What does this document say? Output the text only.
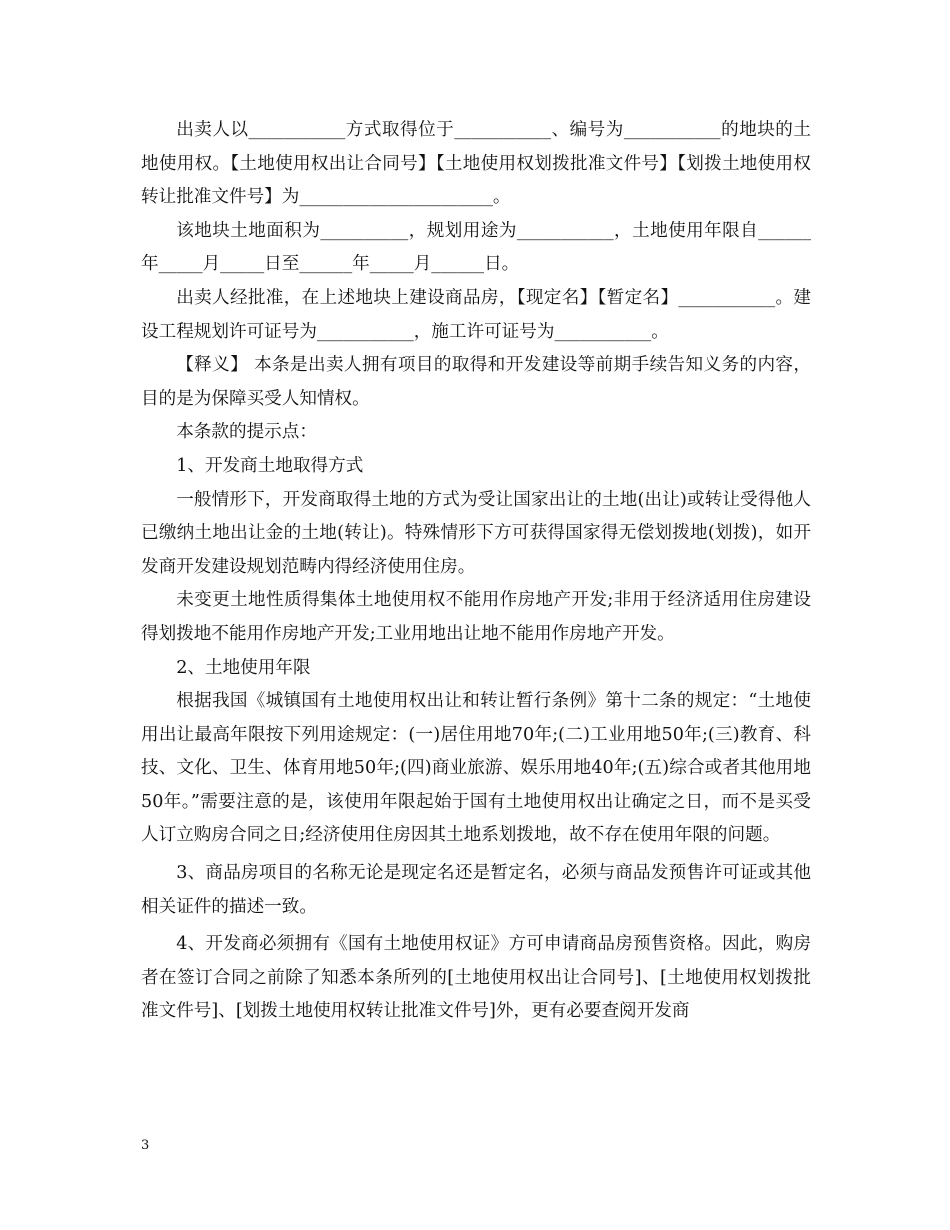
出卖人以___________方式取得位于___________、编号为___________的地块的土地使用权。【土地使用权出让合同号】【土地使用权划拨批准文件号】【划拨土地使用权转让批准文件号】为______________________。

该地块土地面积为__________，规划用途为___________，土地使用年限自______年_____月_____日至______年_____月______日。

出卖人经批准，在上述地块上建设商品房，【现定名】【暂定名】___________。建设工程规划许可证号为___________，施工许可证号为___________。

【释义】 本条是出卖人拥有项目的取得和开发建设等前期手续告知义务的内容，目的是为保障买受人知情权。

本条款的提示点：

1、开发商土地取得方式

一般情形下，开发商取得土地的方式为受让国家出让的土地(出让)或转让受得他人已缴纳土地出让金的土地(转让)。特殊情形下方可获得国家得无偿划拨地(划拨)，如开发商开发建设规划范畴内得经济使用住房。

未变更土地性质得集体土地使用权不能用作房地产开发;非用于经济适用住房建设得划拨地不能用作房地产开发;工业用地出让地不能用作房地产开发。

2、土地使用年限

根据我国《城镇国有土地使用权出让和转让暂行条例》第十二条的规定：“土地使用出让最高年限按下列用途规定：(一)居住用地70年;(二)工业用地50年;(三)教育、科技、文化、卫生、体育用地50年;(四)商业旅游、娱乐用地40年;(五)综合或者其他用地50年。”需要注意的是，该使用年限起始于国有土地使用权出让确定之日，而不是买受人订立购房合同之日;经济使用住房因其土地系划拨地，故不存在使用年限的问题。

3、商品房项目的名称无论是现定名还是暂定名，必须与商品发预售许可证或其他相关证件的描述一致。

4、开发商必须拥有《国有土地使用权证》方可申请商品房预售资格。因此，购房者在签订合同之前除了知悉本条所列的[土地使用权出让合同号]、[土地使用权划拨批准文件号]、[划拨土地使用权转让批准文件号]外，更有必要查阅开发商

3
